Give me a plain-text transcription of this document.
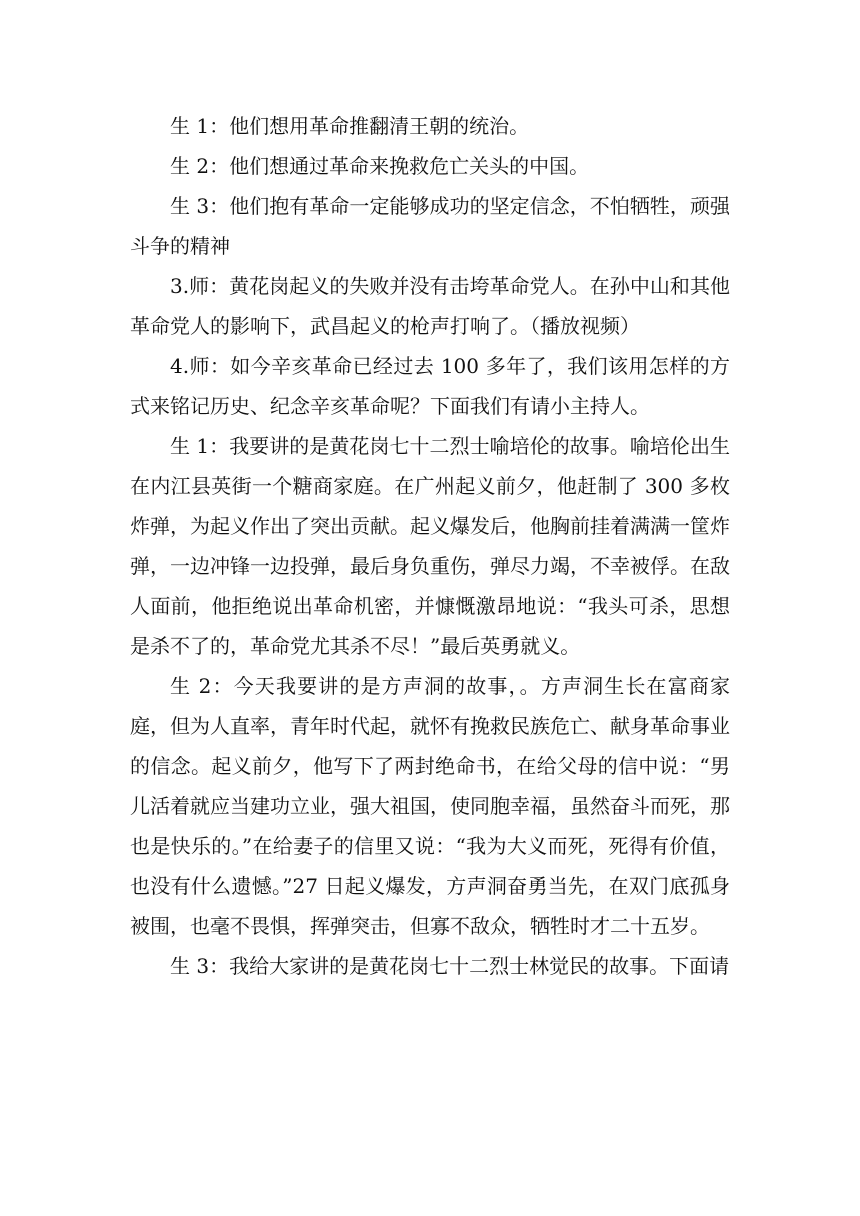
生 1：他们想用革命推翻清王朝的统治。

生 2：他们想通过革命来挽救危亡关头的中国。

生 3：他们抱有革命一定能够成功的坚定信念，不怕牺牲，顽强斗争的精神

3.师：黄花岗起义的失败并没有击垮革命党人。在孙中山和其他革命党人的影响下，武昌起义的枪声打响了。（播放视频）

4.师：如今辛亥革命已经过去 100 多年了，我们该用怎样的方式来铭记历史、纪念辛亥革命呢？下面我们有请小主持人。

生 1：我要讲的是黄花岗七十二烈士喻培伦的故事。喻培伦出生在内江县英街一个糖商家庭。在广州起义前夕，他赶制了 300 多枚炸弹，为起义作出了突出贡献。起义爆发后，他胸前挂着满满一筐炸弹，一边冲锋一边投弹，最后身负重伤，弹尽力竭，不幸被俘。在敌人面前，他拒绝说出革命机密，并慷慨激昂地说：“我头可杀，思想是杀不了的，革命党尤其杀不尽！”最后英勇就义。

生 2：今天我要讲的是方声洞的故事，。方声洞生长在富商家庭，但为人直率，青年时代起，就怀有挽救民族危亡、献身革命事业的信念。起义前夕，他写下了两封绝命书，在给父母的信中说：“男儿活着就应当建功立业，强大祖国，使同胞幸福，虽然奋斗而死，那也是快乐的。”在给妻子的信里又说：“我为大义而死，死得有价值，也没有什么遗憾。”27 日起义爆发，方声洞奋勇当先，在双门底孤身被围，也毫不畏惧，挥弹突击，但寡不敌众，牺牲时才二十五岁。

生 3：我给大家讲的是黄花岗七十二烈士林觉民的故事。下面请
